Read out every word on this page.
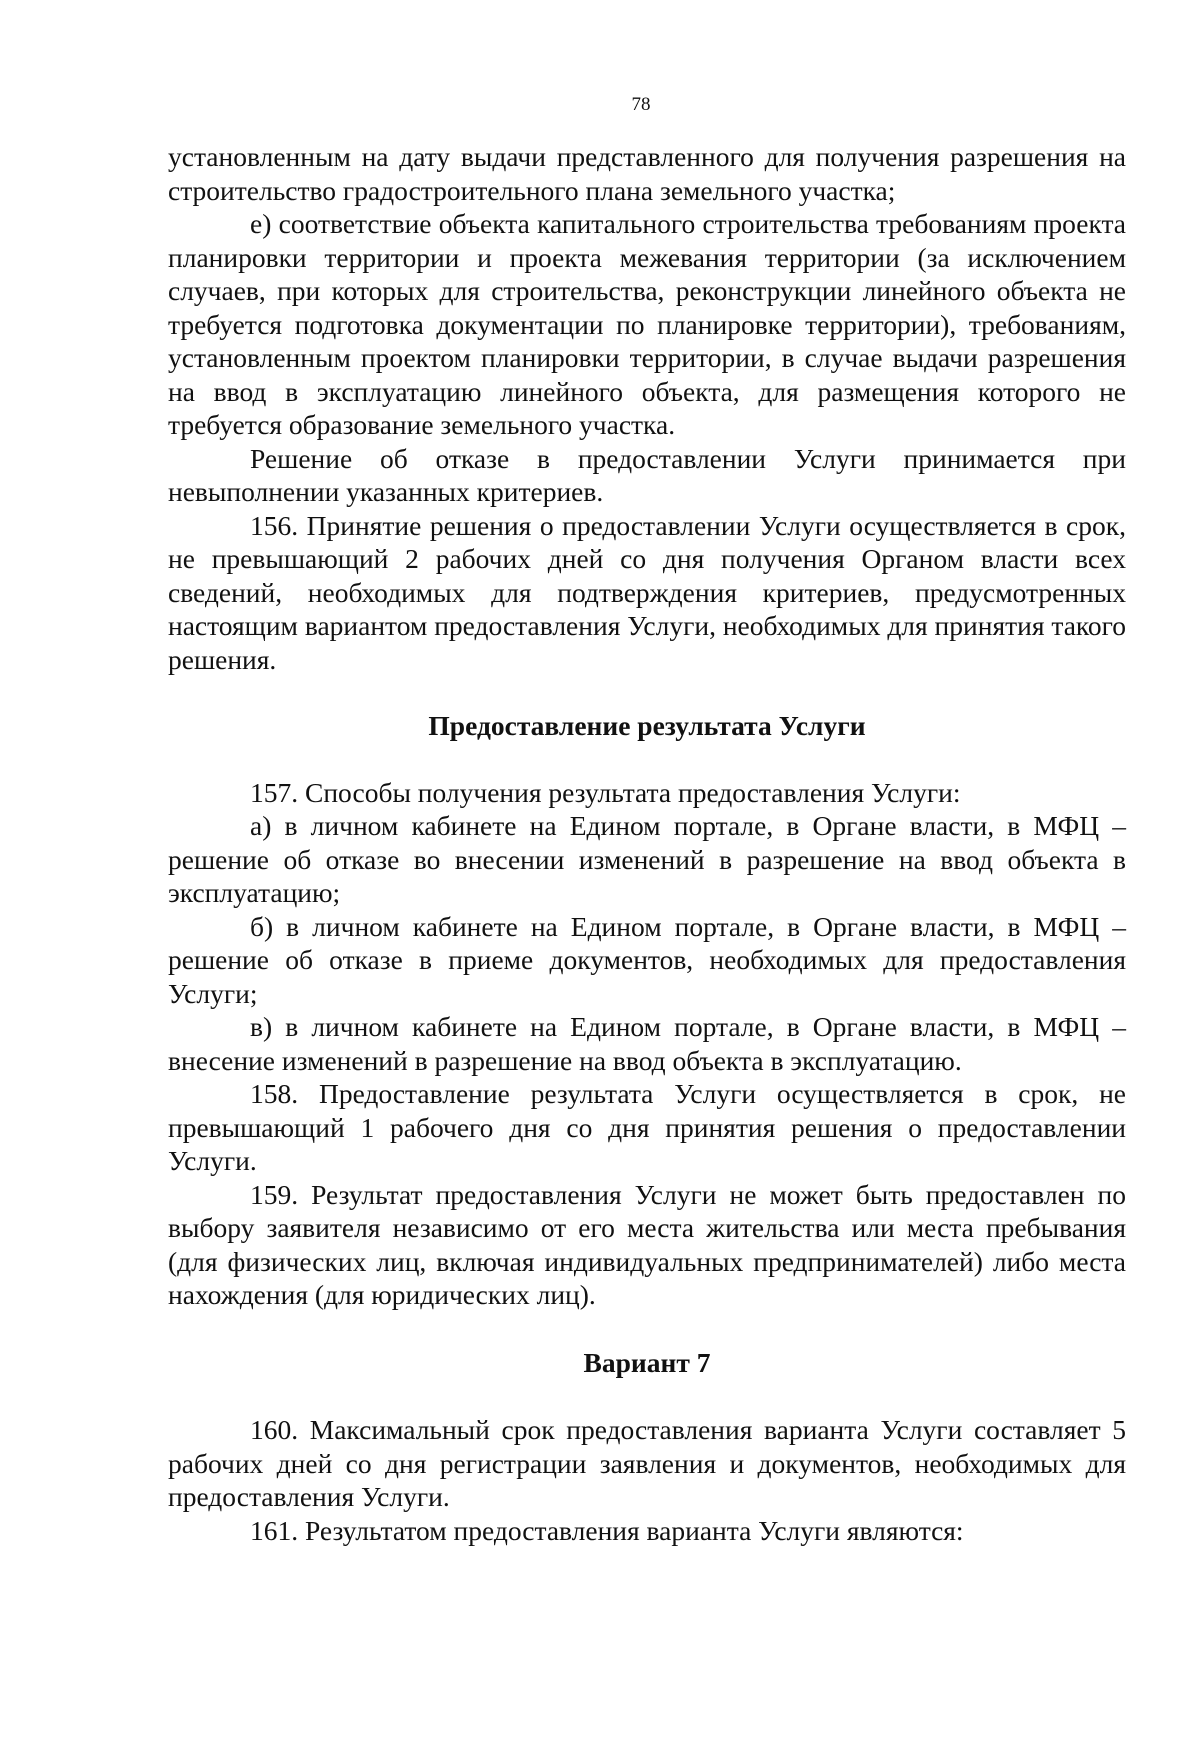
78

установленным на дату выдачи представленного для получения разрешения на строительство градостроительного плана земельного участка;

е) соответствие объекта капитального строительства требованиям проекта планировки территории и проекта межевания территории (за исключением случаев, при которых для строительства, реконструкции линейного объекта не требуется подготовка документации по планировке территории), требованиям, установленным проектом планировки территории, в случае выдачи разрешения на ввод в эксплуатацию линейного объекта, для размещения которого не требуется образование земельного участка.

Решение об отказе в предоставлении Услуги принимается при невыполнении указанных критериев.

156. Принятие решения о предоставлении Услуги осуществляется в срок, не превышающий 2 рабочих дней со дня получения Органом власти всех сведений, необходимых для подтверждения критериев, предусмотренных настоящим вариантом предоставления Услуги, необходимых для принятия такого решения.

Предоставление результата Услуги

157. Способы получения результата предоставления Услуги:

а) в личном кабинете на Едином портале, в Органе власти, в МФЦ – решение об отказе во внесении изменений в разрешение на ввод объекта в эксплуатацию;

б) в личном кабинете на Едином портале, в Органе власти, в МФЦ – решение об отказе в приеме документов, необходимых для предоставления Услуги;

в) в личном кабинете на Едином портале, в Органе власти, в МФЦ – внесение изменений в разрешение на ввод объекта в эксплуатацию.

158. Предоставление результата Услуги осуществляется в срок, не превышающий 1 рабочего дня со дня принятия решения о предоставлении Услуги.

159. Результат предоставления Услуги не может быть предоставлен по выбору заявителя независимо от его места жительства или места пребывания (для физических лиц, включая индивидуальных предпринимателей) либо места нахождения (для юридических лиц).

Вариант 7

160. Максимальный срок предоставления варианта Услуги составляет 5 рабочих дней со дня регистрации заявления и документов, необходимых для предоставления Услуги.

161. Результатом предоставления варианта Услуги являются:
